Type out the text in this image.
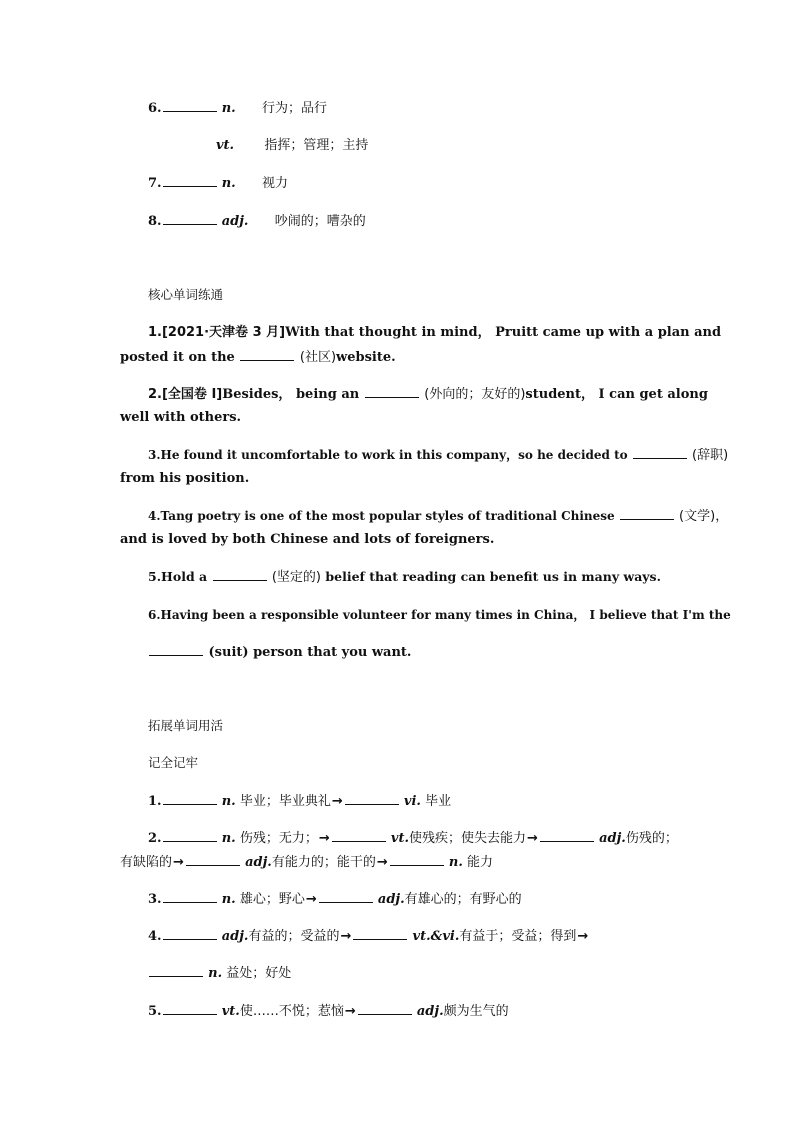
6.	n. 行为；品行
vt. 指挥；管理；主持
7.	n. 视力
8.	adj. 吵闹的；嘈杂的
核心单词练通
1.[2021·天津卷 3 月]With that thought in mind， Pruitt came up with a plan and
posted it on the	(社区)website.
2.[全国卷 Ⅰ]Besides， being an	(外向的；友好的)student， I can get along
well with others.
3.He found it uncomfortable to work in this company，so he decided to	(辞职)
from his position.
4.Tang poetry is one of the most popular styles of traditional Chinese	(文学)，
and is loved by both Chinese and lots of foreigners.
5.Hold a	(坚定的) belief that reading can benefit us in many ways.
6.Having been a responsible volunteer for many times in China， I believe that I'm the
(suit) person that you want.
拓展单词用活
记全记牢
1.	n. 毕业；毕业典礼→	vi. 毕业
2.	n. 伤残；无力；→	vt.使残疾；使失去能力→	adj.伤残的；
有缺陷的→	adj.有能力的；能干的→	n. 能力
3.	n. 雄心；野心→	adj.有雄心的；有野心的
4.	adj.有益的；受益的→	vt.&vi.有益于；受益；得到→
n. 益处；好处
5.	vt.使……不悦；惹恼→	adj.颇为生气的
